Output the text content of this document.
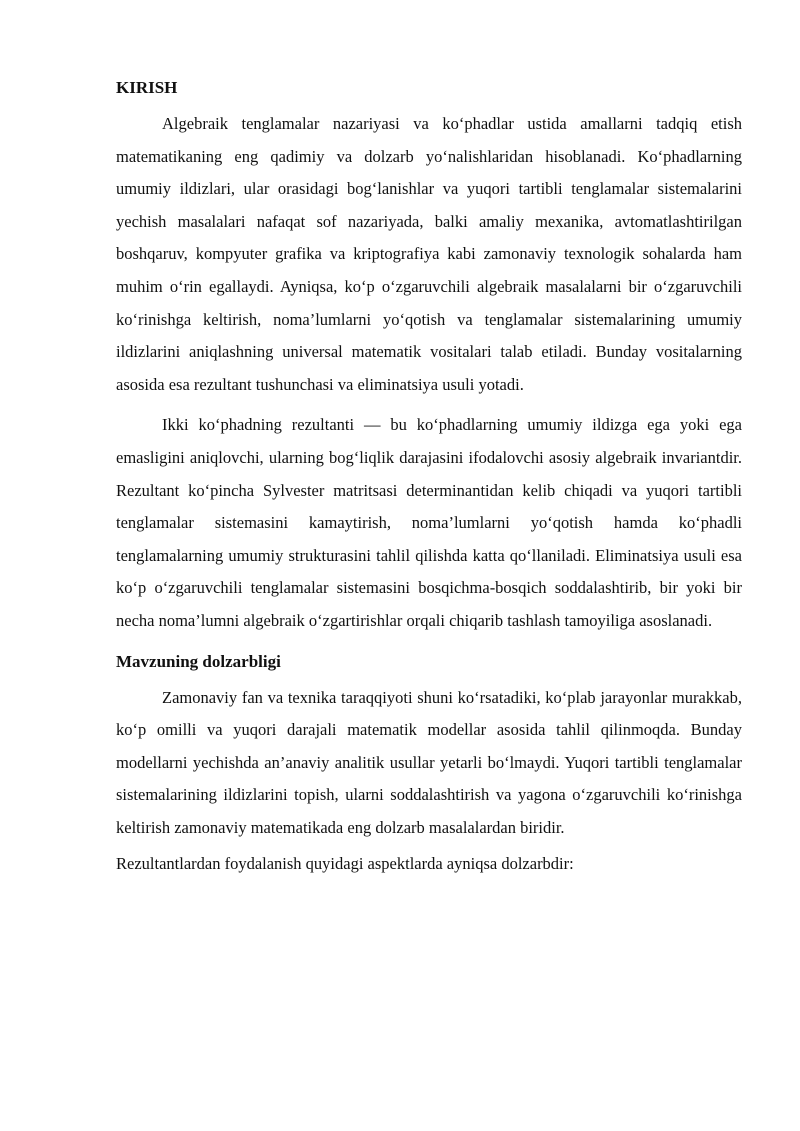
KIRISH

Algebraik tenglamalar nazariyasi va ko‘phadlar ustida amallarni tadqiq etish matematikaning eng qadimiy va dolzarb yo‘nalishlaridan hisoblanadi. Ko‘phadlarning umumiy ildizlari, ular orasidagi bog‘lanishlar va yuqori tartibli tenglamalar sistemalarini yechish masalalari nafaqat sof nazariyada, balki amaliy mexanika, avtomatlashtirilgan boshqaruv, kompyuter grafika va kriptografiya kabi zamonaviy texnologik sohalarda ham muhim o‘rin egallaydi. Ayniqsa, ko‘p o‘zgaruvchili algebraik masalalarni bir o‘zgaruvchili ko‘rinishga keltirish, noma’lumlarni yo‘qotish va tenglamalar sistemalarining umumiy ildizlarini aniqlashning universal matematik vositalari talab etiladi. Bunday vositalarning asosida esa rezultant tushunchasi va eliminatsiya usuli yotadi.

Ikki ko‘phadning rezultanti — bu ko‘phadlarning umumiy ildizga ega yoki ega emasligini aniqlovchi, ularning bog‘liqlik darajasini ifodalovchi asosiy algebraik invariantdir. Rezultant ko‘pincha Sylvester matritsasi determinantidan kelib chiqadi va yuqori tartibli tenglamalar sistemasini kamaytirish, noma’lumlarni yo‘qotish hamda ko‘phadli tenglamalarning umumiy strukturasini tahlil qilishda katta qo‘llaniladi. Eliminatsiya usuli esa ko‘p o‘zgaruvchili tenglamalar sistemasini bosqichma-bosqich soddalashtirib, bir yoki bir necha noma’lumni algebraik o‘zgartirishlar orqali chiqarib tashlash tamoyiliga asoslanadi.

Mavzuning dolzarbligi

Zamonaviy fan va texnika taraqqiyoti shuni ko‘rsatadiki, ko‘plab jarayonlar murakkab, ko‘p omilli va yuqori darajali matematik modellar asosida tahlil qilinmoqda. Bunday modellarni yechishda an’anaviy analitik usullar yetarli bo‘lmaydi. Yuqori tartibli tenglamalar sistemalarining ildizlarini topish, ularni soddalashtirish va yagona o‘zgaruvchili ko‘rinishga keltirish zamonaviy matematikada eng dolzarb masalalardan biridir.

Rezultantlardan foydalanish quyidagi aspektlarda ayniqsa dolzarbdir:
